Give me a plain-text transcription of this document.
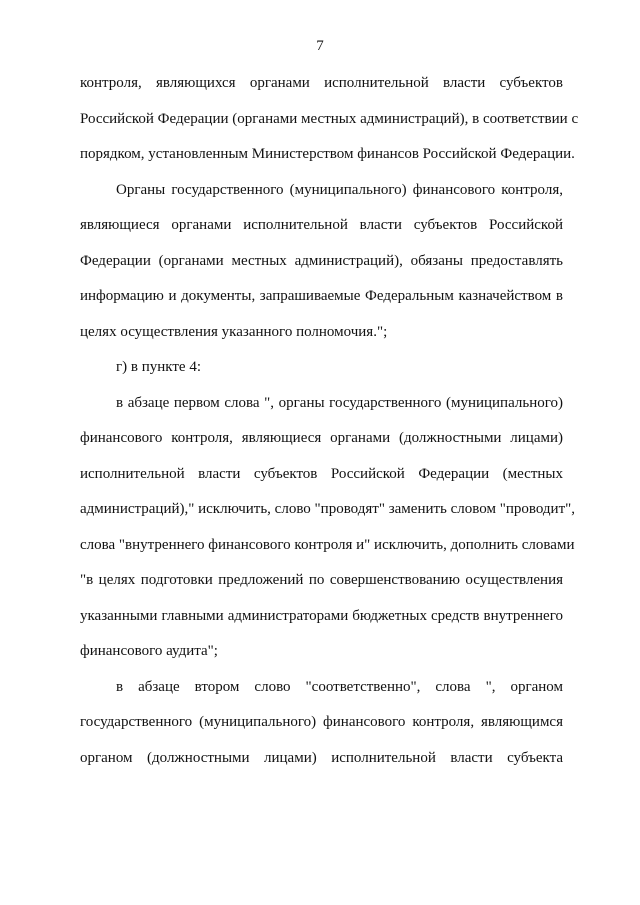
7
контроля, являющихся органами исполнительной власти субъектов
Российской Федерации (органами местных администраций), в соответствии с
порядком, установленным Министерством финансов Российской Федерации.
Органы государственного (муниципального) финансового контроля,
являющиеся органами исполнительной власти субъектов Российской
Федерации (органами местных администраций), обязаны предоставлять
информацию и документы, запрашиваемые Федеральным казначейством в
целях осуществления указанного полномочия.";
г) в пункте 4:
в абзаце первом слова ", органы государственного (муниципального)
финансового контроля, являющиеся органами (должностными лицами)
исполнительной власти субъектов Российской Федерации (местных
администраций)," исключить, слово "проводят" заменить словом "проводит",
слова "внутреннего финансового контроля и" исключить, дополнить словами
"в целях подготовки предложений по совершенствованию осуществления
указанными главными администраторами бюджетных средств внутреннего
финансового аудита";
в абзаце втором слово "соответственно", слова ", органом
государственного (муниципального) финансового контроля, являющимся
органом (должностными лицами) исполнительной власти субъекта
